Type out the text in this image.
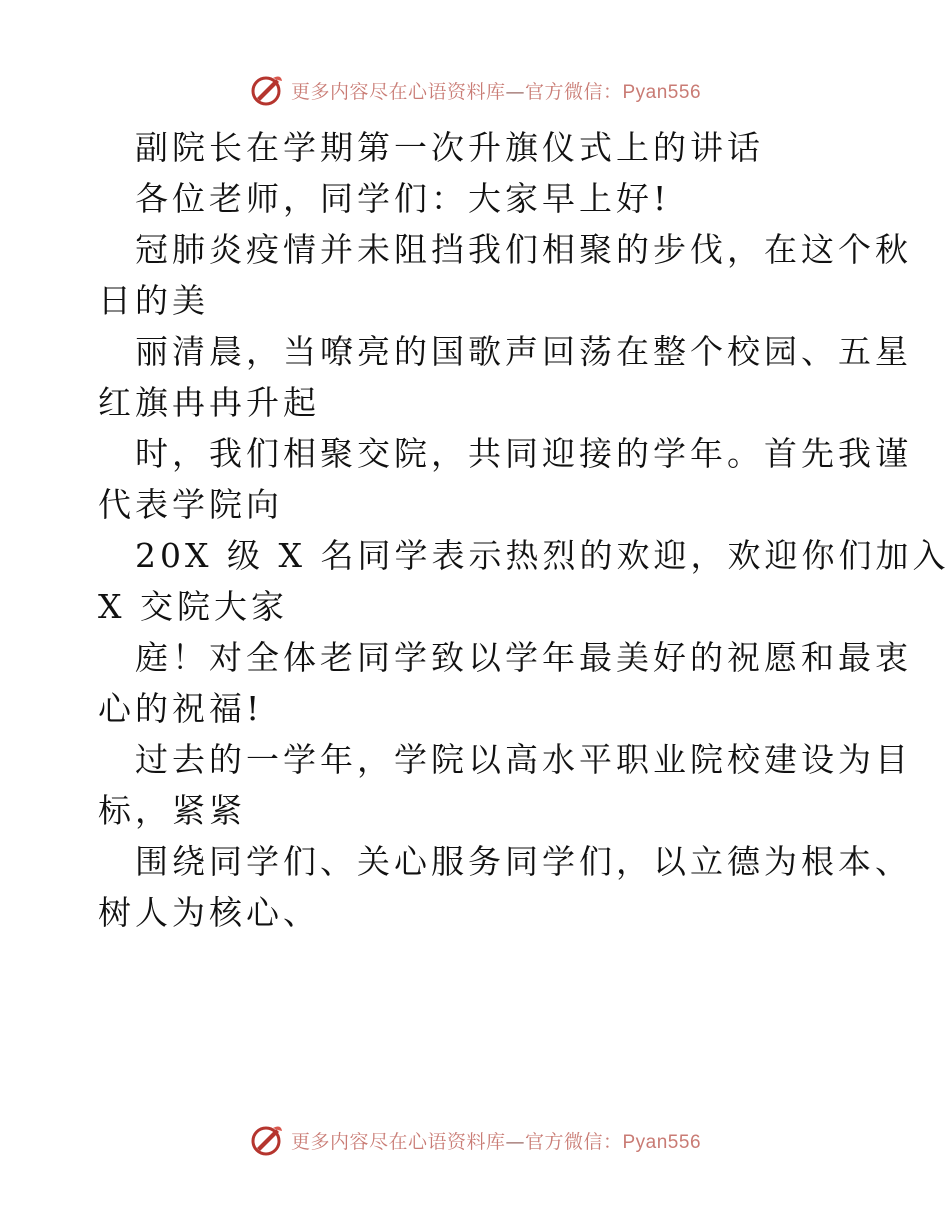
更多内容尽在心语资料库—官方微信：Pyan556
副院长在学期第一次升旗仪式上的讲话
各位老师，同学们：大家早上好!
冠肺炎疫情并未阻挡我们相聚的步伐，在这个秋
日的美
丽清晨，当嘹亮的国歌声回荡在整个校园、五星
红旗冉冉升起
时，我们相聚交院，共同迎接的学年。首先我谨
代表学院向
20X 级 X 名同学表示热烈的欢迎，欢迎你们加入
X 交院大家
庭！对全体老同学致以学年最美好的祝愿和最衷
心的祝福!
过去的一学年，学院以高水平职业院校建设为目
标，紧紧
围绕同学们、关心服务同学们，以立德为根本、
树人为核心、
更多内容尽在心语资料库—官方微信：Pyan556
